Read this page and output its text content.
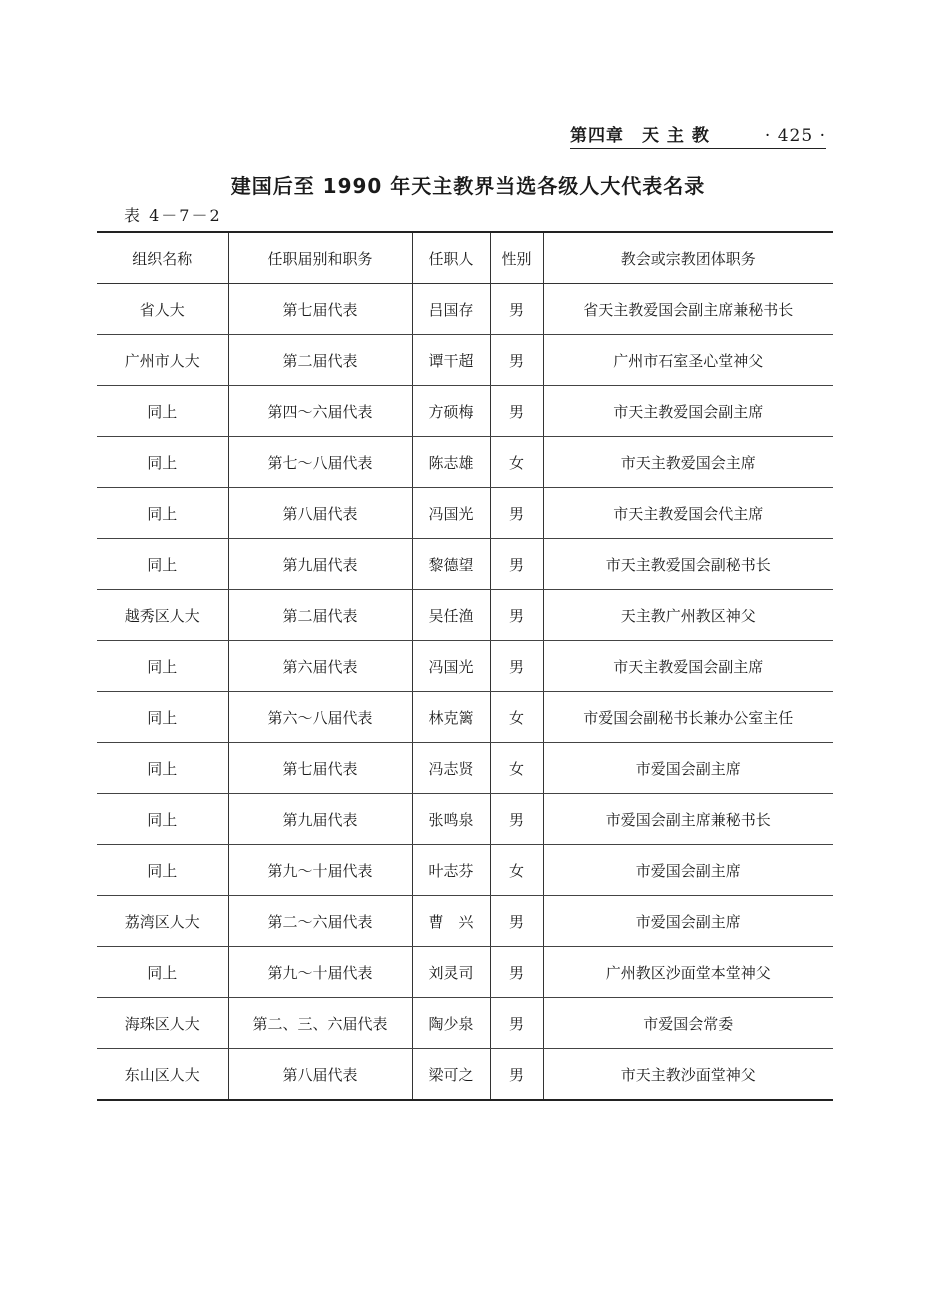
第四章　天 主 教	· 425 ·
建国后至 1990 年天主教界当选各级人大代表名录
表 4－7－2
组织名称	任职届别和职务	任职人	性别	教会或宗教团体职务
省人大	第七届代表	吕国存	男	省天主教爱国会副主席兼秘书长
广州市人大	第二届代表	谭干超	男	广州市石室圣心堂神父
同上	第四～六届代表	方硕梅	男	市天主教爱国会副主席
同上	第七～八届代表	陈志雄	女	市天主教爱国会主席
同上	第八届代表	冯国光	男	市天主教爱国会代主席
同上	第九届代表	黎德望	男	市天主教爱国会副秘书长
越秀区人大	第二届代表	吴任渔	男	天主教广州教区神父
同上	第六届代表	冯国光	男	市天主教爱国会副主席
同上	第六～八届代表	林克篱	女	市爱国会副秘书长兼办公室主任
同上	第七届代表	冯志贤	女	市爱国会副主席
同上	第九届代表	张鸣泉	男	市爱国会副主席兼秘书长
同上	第九～十届代表	叶志芬	女	市爱国会副主席
荔湾区人大	第二～六届代表	曹　兴	男	市爱国会副主席
同上	第九～十届代表	刘灵司	男	广州教区沙面堂本堂神父
海珠区人大	第二、三、六届代表	陶少泉	男	市爱国会常委
东山区人大	第八届代表	梁可之	男	市天主教沙面堂神父
